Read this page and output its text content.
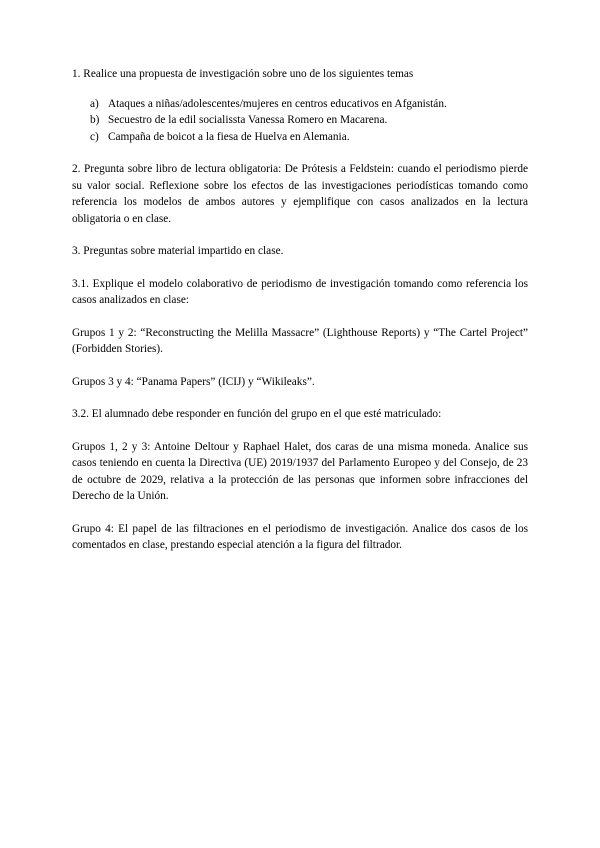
1. Realice una propuesta de investigación sobre uno de los siguientes temas

a) Ataques a niñas/adolescentes/mujeres en centros educativos en Afganistán.
b) Secuestro de la edil socialissta Vanessa Romero en Macarena.
c) Campaña de boicot a la fiesa de Huelva en Alemania.

2. Pregunta sobre libro de lectura obligatoria: De Prótesis a Feldstein: cuando el periodismo pierde su valor social. Reflexione sobre los efectos de las investigaciones periodísticas tomando como referencia los modelos de ambos autores y ejemplifique con casos analizados en la lectura obligatoria o en clase.

3. Preguntas sobre material impartido en clase.

3.1. Explique el modelo colaborativo de periodismo de investigación tomando como referencia los casos analizados en clase:

Grupos 1 y 2: “Reconstructing the Melilla Massacre” (Lighthouse Reports) y “The Cartel Project” (Forbidden Stories).

Grupos 3 y 4: “Panama Papers” (ICIJ) y “Wikileaks”.

3.2. El alumnado debe responder en función del grupo en el que esté matriculado:

Grupos 1, 2 y 3: Antoine Deltour y Raphael Halet, dos caras de una misma moneda. Analice sus casos teniendo en cuenta la Directiva (UE) 2019/1937 del Parlamento Europeo y del Consejo, de 23 de octubre de 2029, relativa a la protección de las personas que informen sobre infracciones del Derecho de la Unión.

Grupo 4: El papel de las filtraciones en el periodismo de investigación. Analice dos casos de los comentados en clase, prestando especial atención a la figura del filtrador.
